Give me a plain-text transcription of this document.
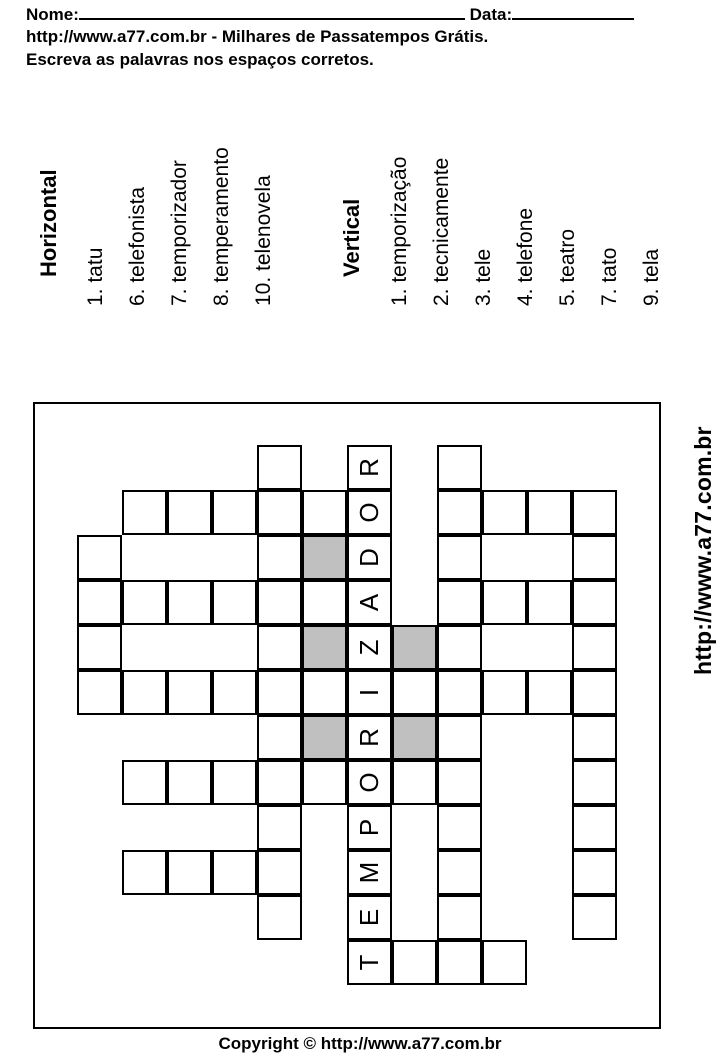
Nome:	Data:
http://www.a77.com.br - Milhares de Passatempos Grátis.
Escreva as palavras nos espaços corretos.
Horizontal 1. tatu 6. telefonista 7. temporizador 8. temperamento 10. telenovela	Vertical 1. temporização 2. tecnicamente 3. tele 4. telefone 5. teatro 7. tato 9. tela
R
O
D
A
Z
I
R
O
P
M
E
T
http://www.a77.com.br
Copyright © http://www.a77.com.br
